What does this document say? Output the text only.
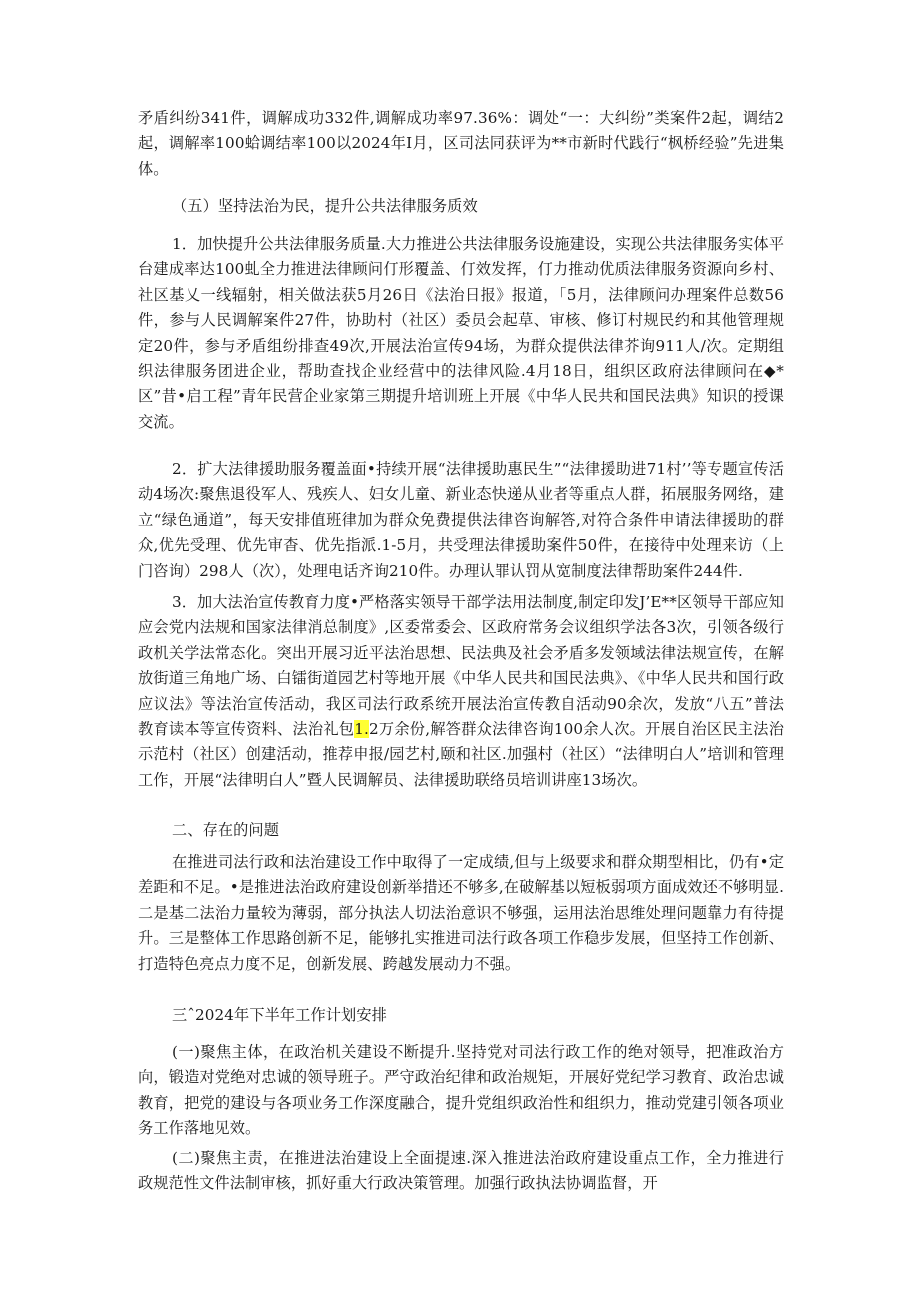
矛盾纠纷341件，调解成功332件,调解成功率97.36%：调处“一：大纠纷”类案件2起，调结2起，调解率100蛤调结率100以2024年I月，区司法同获评为**市新时代践行“枫桥经验”先进集体。

（五）坚持法治为民，提升公共法律服务质效

1．加快提升公共法律服务质量.大力推进公共法律服务设施建设，实现公共法律服务实体平台建成率达100虬全力推进法律顾问仃形覆盖、仃效发挥，仃力推动优质法律服务资源向乡村、社区基乂一线辐射，相关做法获5月26日《法治日报》报道，「5月，法律顾问办理案件总数56件，参与人民调解案件27件，协助村（社区）委员会起草、审核、修订村规民约和其他管理规定20件，参与矛盾组纷排查49次,开展法治宣传94场，为群众提供法律芥询911人/次。定期组织法律服务团进企业，帮助查找企业经营中的法律风险.4月18日，组织区政府法律顾问在◆*区”昔•启工程”青年民营企业家第三期提升培训班上开展《中华人民共和国民法典》知识的授课交流。

2．扩大法律援助服务覆盖面•持续开展“法律援助惠民生”“法律援助进71村’’等专题宣传活动4场次:聚焦退役军人、残疾人、妇女儿童、新业态快递从业者等重点人群，拓展服务网络，建立“绿色通道”，每天安排值班律加为群众免费提供法律咨询解答,对符合条件申请法律援助的群众,优先受理、优先审杳、优先指派.1-5月，共受理法律援助案件50件，在接待中处理来访（上门咨询）298人（次），处理电话齐询210件。办理认罪认罚从宽制度法律帮助案件244件.

3．加大法治宣传教育力度•严格落实领导干部学法用法制度,制定印发J’E**区领导干部应知应会党内法规和国家法律消总制度》,区委常委会、区政府常务会议组织学法各3次，引领各级行政机关学法常态化。突出开展习近平法治思想、民法典及社会矛盾多发领域法律法规宣传，在解放街道三角地广场、白镭街道园艺村等地开展《中华人民共和国民法典》、《中华人民共和国行政应议法》等法治宣传活动，我区司法行政系统开展法治宣传教自活动90余次，发放“八五”普法教育读本等宣传资料、法治礼包1.2万余份,解答群众法律咨询100余人次。开展自治区民主法治示范村（社区）创建活动，推荐申报/园艺村,颐和社区.加强村（社区）“法律明白人”培训和管理工作，开展“法律明白人”暨人民调解员、法律援助联络员培训讲座13场次。

二、存在的问题

在推进司法行政和法治建设工作中取得了一定成绩,但与上级要求和群众期型相比，仍有•定差距和不足。•是推进法治政府建设创新举措还不够多,在破解基以短板弱项方面成效还不够明显.二是基二法治力量较为薄弱，部分执法人切法治意识不够强，运用法治思维处理问题靠力有待提升。三是整体工作思路创新不足，能够扎实推进司法行政各项工作稳步发展，但坚持工作创新、打造特色亮点力度不足，创新发展、跨越发展动力不强。

三ˆ2024年下半年工作计划安排

(一)聚焦主体，在政治机关建设不断提升.坚持党对司法行政工作的绝对领导，把准政治方向，锻造对党绝对忠诚的领导班子。严守政治纪律和政治规矩，开展好党纪学习教育、政治忠诚教育，把党的建设与各项业务工作深度融合，提升党组织政治性和组织力，推动党建引领各项业务工作落地见效。

(二)聚焦主责，在推进法治建设上全面提速.深入推进法治政府建设重点工作，全力推进行政规范性文件法制审核，抓好重大行政决策管理。加强行政执法协调监督，开
